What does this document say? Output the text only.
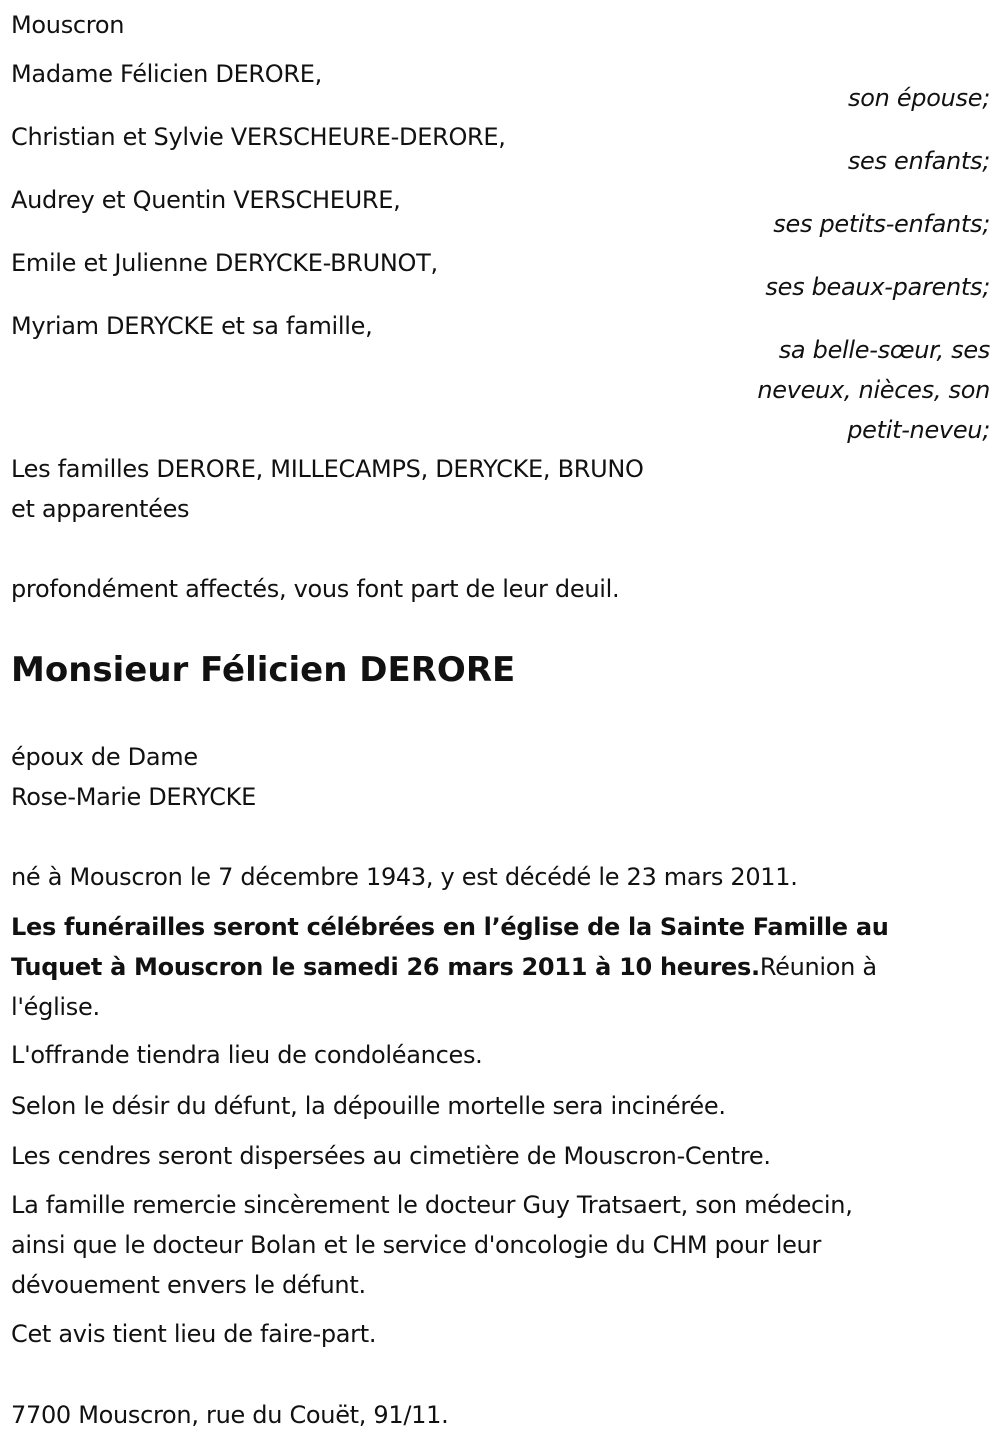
Mouscron
Madame Félicien DERORE,
son épouse;
Christian et Sylvie VERSCHEURE-DERORE,
ses enfants;
Audrey et Quentin VERSCHEURE,
ses petits-enfants;
Emile et Julienne DERYCKE-BRUNOT,
ses beaux-parents;
Myriam DERYCKE et sa famille,
sa belle-sœur, ses
neveux, nièces, son
petit-neveu;
Les familles DERORE, MILLECAMPS, DERYCKE, BRUNO
et apparentées
profondément affectés, vous font part de leur deuil.
Monsieur Félicien DERORE
époux de Dame
Rose-Marie DERYCKE
né à Mouscron le 7 décembre 1943, y est décédé le 23 mars 2011.
Les funérailles seront célébrées en l’église de la Sainte Famille au
Tuquet à Mouscron le samedi 26 mars 2011 à 10 heures.Réunion à
l'église.
L'offrande tiendra lieu de condoléances.
Selon le désir du défunt, la dépouille mortelle sera incinérée.
Les cendres seront dispersées au cimetière de Mouscron-Centre.
La famille remercie sincèrement le docteur Guy Tratsaert, son médecin,
ainsi que le docteur Bolan et le service d'oncologie du CHM pour leur
dévouement envers le défunt.
Cet avis tient lieu de faire-part.
7700 Mouscron, rue du Couët, 91/11.
